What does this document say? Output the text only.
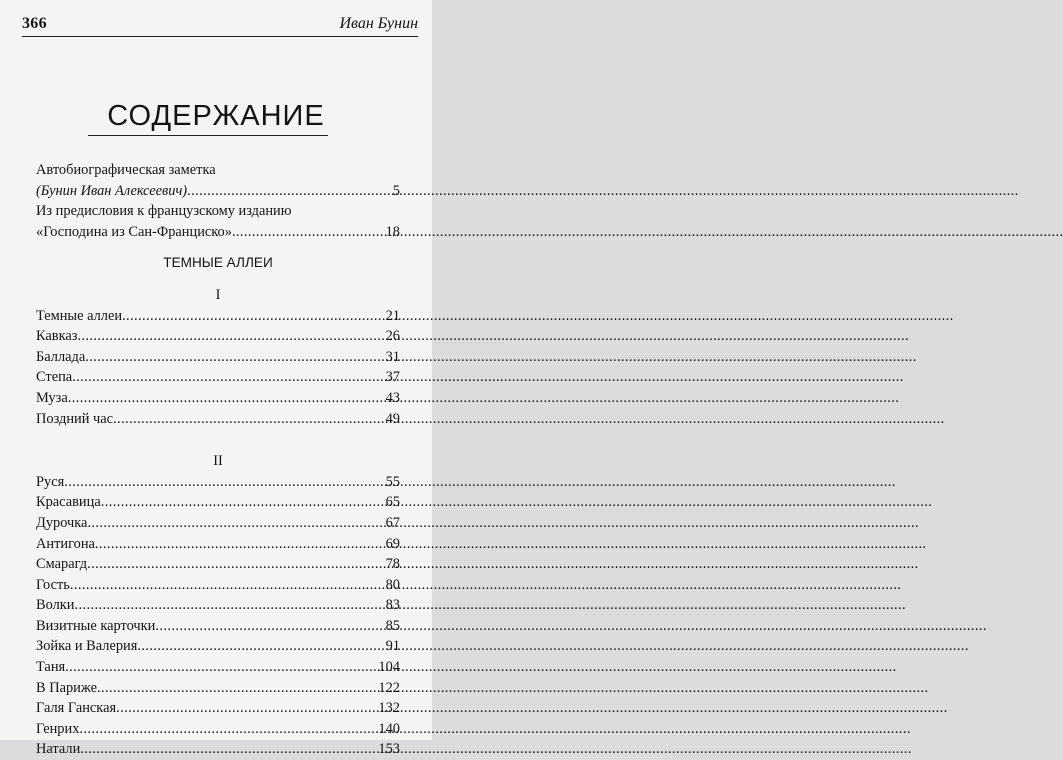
366	Иван Бунин
СОДЕРЖАНИЕ
Автобиографическая заметка
(Бунин Иван Алексеевич) .....	5
Из предисловия к французскому изданию
«Господина из Сан-Франциско» .....	18
ТЕМНЫЕ АЛЛЕИ
I
Темные аллеи .....	21
Кавказ .....	26
Баллада .....	31
Степа .....	37
Муза .....	43
Поздний час .....	49
II
Руся .....	55
Красавица .....	65
Дурочка .....	67
Антигона .....	69
Смарагд .....	78
Гость .....	80
Волки .....	83
Визитные карточки .....	85
Зойка и Валерия .....	91
Таня .....	104
В Париже .....	122
Галя Ганская .....	132
Генрих .....	140
Натали .....	153
